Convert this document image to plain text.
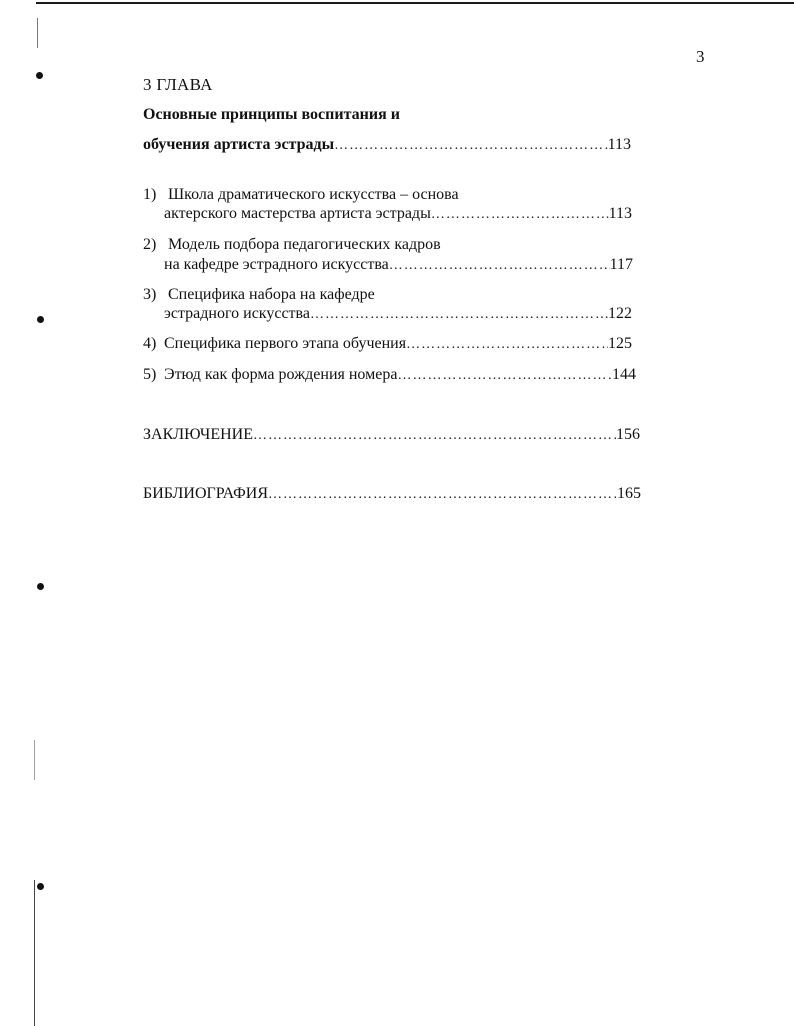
3
3 ГЛАВА
Основные принципы воспитания и
обучения артиста эстрады ……………………………………………………………………………………………………………………………………	113
1) Школа драматического искусства – основа
актерского мастерства артиста эстрады ……………………………………………………………………………………………………………………………………	113
2) Модель подбора педагогических кадров
на кафедре эстрадного искусства ……………………………………………………………………………………………………………………………………	117
3) Специфика набора на кафедре
эстрадного искусства ……………………………………………………………………………………………………………………………………	122
4) Специфика первого этапа обучения ……………………………………………………………………………………………………………………………………	125
5) Этюд как форма рождения номера ……………………………………………………………………………………………………………………………………	144
ЗАКЛЮЧЕНИЕ ……………………………………………………………………………………………………………………………………	156
БИБЛИОГРАФИЯ ……………………………………………………………………………………………………………………………………	165
